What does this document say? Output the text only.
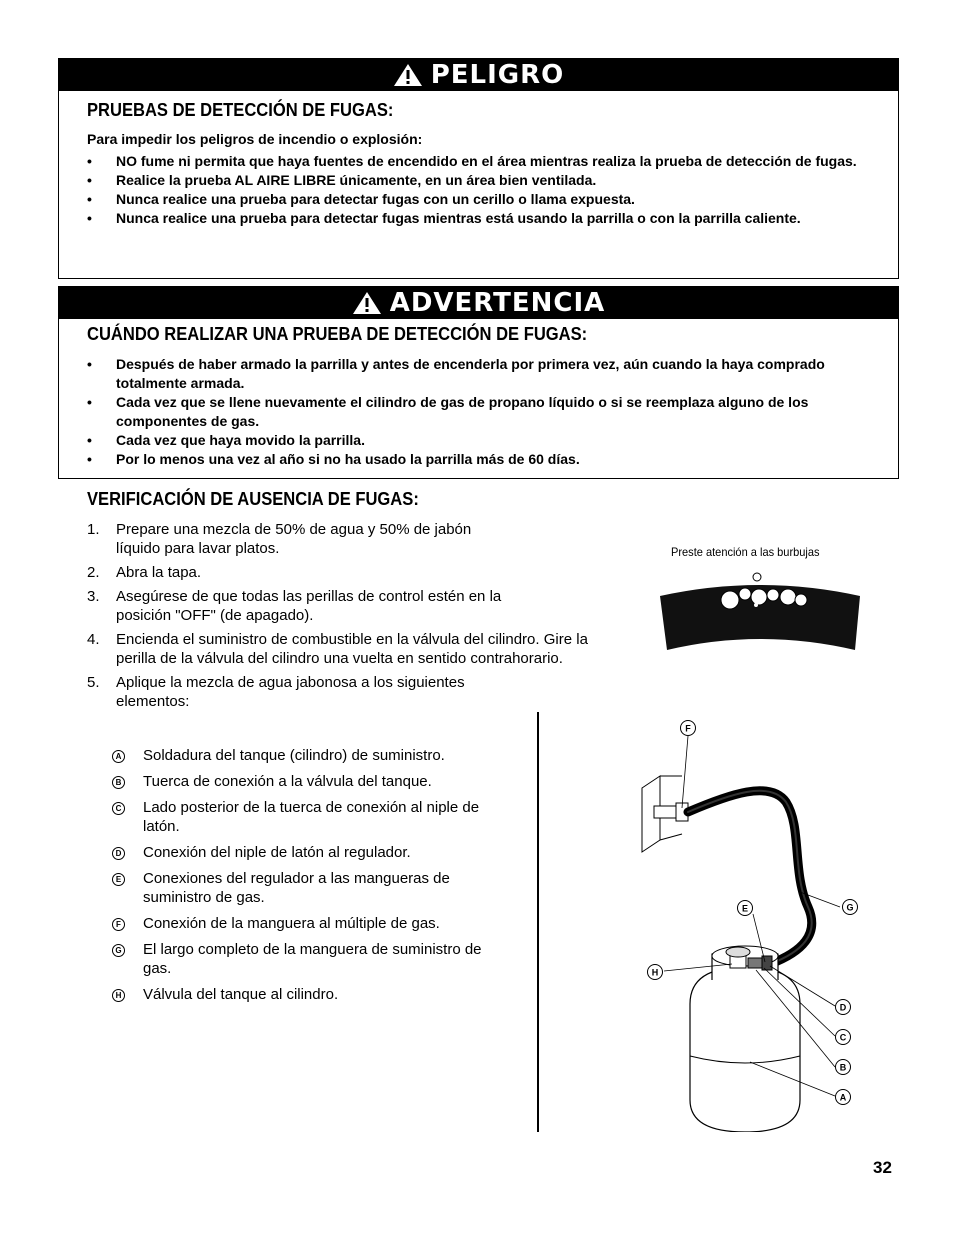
PELIGRO
PRUEBAS DE DETECCIÓN DE FUGAS:
Para impedir los peligros de incendio o explosión:
• NO fume ni permita que haya fuentes de encendido en el área mientras realiza la prueba de detección de fugas.
• Realice la prueba AL AIRE LIBRE únicamente, en un área bien ventilada.
• Nunca realice una prueba para detectar fugas con un cerillo o llama expuesta.
• Nunca realice una prueba para detectar fugas mientras está usando la parrilla o con la parrilla caliente.
ADVERTENCIA
CUÁNDO REALIZAR UNA PRUEBA DE DETECCIÓN DE FUGAS:
• Después de haber armado la parrilla y antes de encenderla por primera vez, aún cuando la haya comprado totalmente armada.
• Cada vez que se llene nuevamente el cilindro de gas de propano líquido o si se reemplaza alguno de los componentes de gas.
• Cada vez que haya movido la parrilla.
• Por lo menos una vez al año si no ha usado la parrilla más de 60 días.
VERIFICACIÓN DE AUSENCIA DE FUGAS:
1. Prepare una mezcla de 50% de agua y 50% de jabón líquido para lavar platos.
2. Abra la tapa.
3. Asegúrese de que todas las perillas de control estén en la posición "OFF" (de apagado).
4. Encienda el suministro de combustible en la válvula del cilindro. Gire la perilla de la válvula del cilindro una vuelta en sentido contrahorario.
5. Aplique la mezcla de agua jabonosa a los siguientes elementos:
A Soldadura del tanque (cilindro) de suministro.
B Tuerca de conexión a la válvula del tanque.
C Lado posterior de la tuerca de conexión al niple de latón.
D Conexión del niple de latón al regulador.
E Conexiones del regulador a las mangueras de suministro de gas.
F Conexión de la manguera al múltiple de gas.
G El largo completo de la manguera de suministro de gas.
H Válvula del tanque al cilindro.
Preste atención a las burbujas
F
E	G
H
D
C
B
A
32
